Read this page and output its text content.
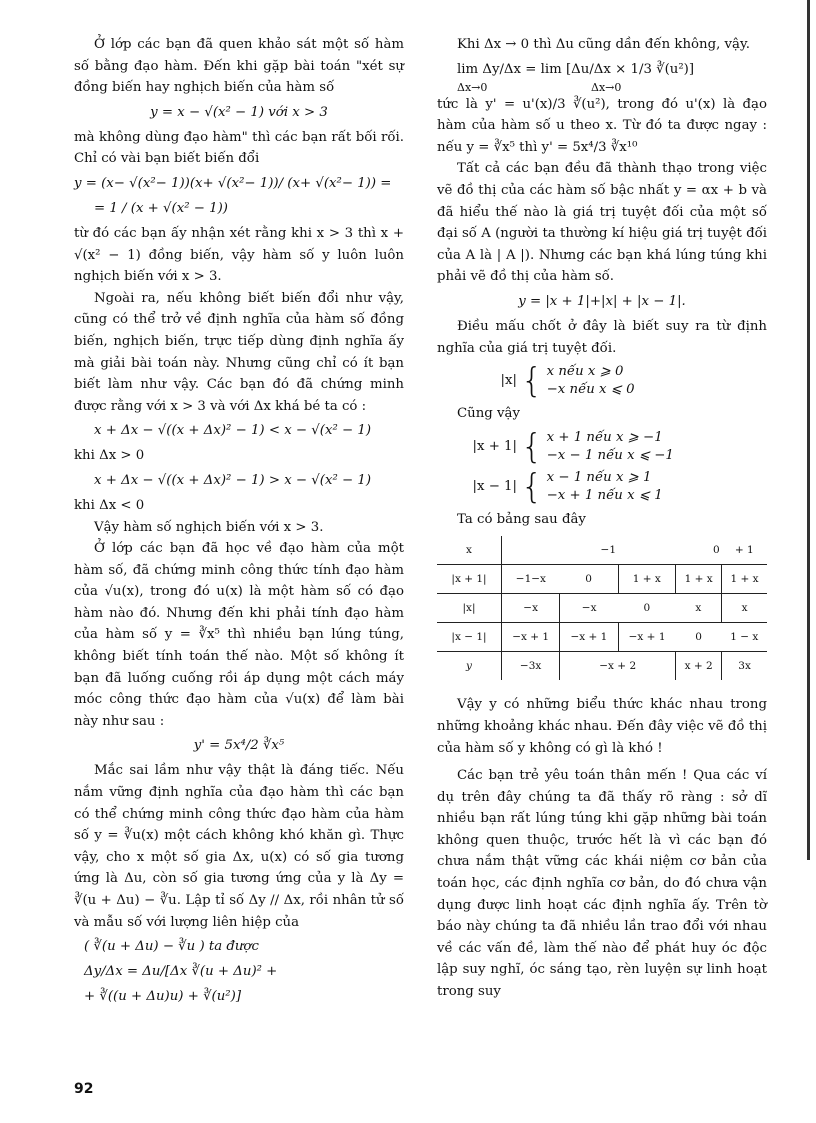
Ở lớp các bạn đã quen khảo sát một số hàm số bằng đạo hàm. Đến khi gặp bài toán "xét sự đồng biến hay nghịch biến của hàm số

y = x − √(x² − 1) với x > 3

mà không dùng đạo hàm" thì các bạn rất bối rối. Chỉ có vài bạn biết biến đổi

y = (x− √(x²− 1))(x+ √(x²− 1))/ (x+ √(x²− 1)) =

= 1 / (x + √(x² − 1))

từ đó các bạn ấy nhận xét rằng khi x > 3 thì x + √(x² − 1) đồng biến, vậy hàm số y luôn luôn nghịch biến với x > 3.

Ngoài ra, nếu không biết biến đổi như vậy, cũng có thể trở về định nghĩa của hàm số đồng biến, nghịch biến, trực tiếp dùng định nghĩa ấy mà giải bài toán này. Nhưng cũng chỉ có ít bạn biết làm như vậy. Các bạn đó đã chứng minh được rằng với x > 3 và với Δx khá bé ta có :

x + Δx − √((x + Δx)² − 1) < x − √(x² − 1)

khi Δx > 0

x + Δx − √((x + Δx)² − 1) > x − √(x² − 1)

khi Δx < 0

Vậy hàm số nghịch biến với x > 3.

Ở lớp các bạn đã học về đạo hàm của một hàm số, đã chứng minh công thức tính đạo hàm của √u(x), trong đó u(x) là một hàm số có đạo hàm nào đó. Nhưng đến khi phải tính đạo hàm của hàm số y = ∛x⁵ thì nhiều bạn lúng túng, không biết tính toán thế nào. Một số không ít bạn đã luống cuống rồi áp dụng một cách máy móc công thức đạo hàm của √u(x) để làm bài này như sau :

y' = 5x⁴/2 ∛x⁵

Mắc sai lầm như vậy thật là đáng tiếc. Nếu nắm vững định nghĩa của đạo hàm thì các bạn có thể chứng minh công thức đạo hàm của hàm số y = ∛u(x) một cách không khó khăn gì. Thực vậy, cho x một số gia Δx, u(x) có số gia tương ứng là Δu, còn số gia tương ứng của y là Δy = ∛(u + Δu) − ∛u. Lập tỉ số Δy // Δx, rồi nhân tử số và mẫu số với lượng liên hiệp của

( ∛(u + Δu) − ∛u ) ta được

Δy/Δx = Δu/[Δx ∛(u + Δu)² +

+ ∛((u + Δu)u) + ∛(u²)]

Khi Δx → 0 thì Δu cũng dần đến không, vậy.

lim Δy/Δx = lim [Δu/Δx × 1/3 ∛(u²)]

Δx→0	Δx→0

tức là y' = u'(x)/3 ∛(u²), trong đó u'(x) là đạo hàm của hàm số u theo x. Từ đó ta được ngay : nếu y = ∛x⁵ thì y' = 5x⁴/3 ∛x¹⁰

Tất cả các bạn đều đã thành thạo trong việc vẽ đồ thị của các hàm số bậc nhất y = αx + b và đã hiểu thế nào là giá trị tuyệt đối của một số đại số A (người ta thường kí hiệu giá trị tuyệt đối của A là | A |). Nhưng các bạn khá lúng túng khi phải vẽ đồ thị của hàm số.

y = |x + 1|+|x| + |x − 1|.

Điều mấu chốt ở đây là biết suy ra từ định nghĩa của giá trị tuyệt đối.

|x| { x nếu x ⩾ 0
−x nếu x ⩽ 0

Cũng vậy

|x + 1| { x + 1 nếu x ⩾ −1
−x − 1 nếu x ⩽ −1
|x − 1| { x − 1 nếu x ⩾ 1
−x + 1 nếu x ⩽ 1

Ta có bảng sau đây

x	−1		0		+ 1
|x + 1|	−1−x	0	1 + x	1 + x	1 + x
|x|	−x	−x	0	x	x
|x − 1|	−x + 1	−x + 1	−x + 1	0	1 − x
y	−3x	−x + 2		x + 2	3x

Vậy y có những biểu thức khác nhau trong những khoảng khác nhau. Đến đây việc vẽ đồ thị của hàm số y không có gì là khó !

Các bạn trẻ yêu toán thân mến ! Qua các ví dụ trên đây chúng ta đã thấy rõ ràng : sở dĩ nhiều bạn rất lúng túng khi gặp những bài toán không quen thuộc, trước hết là vì các bạn đó chưa nắm thật vững các khái niệm cơ bản của toán học, các định nghĩa cơ bản, do đó chưa vận dụng được linh hoạt các định nghĩa ấy. Trên tờ báo này chúng ta đã nhiều lần trao đổi với nhau về các vấn đề, làm thế nào để phát huy óc độc lập suy nghĩ, óc sáng tạo, rèn luyện sự linh hoạt trong suy

92
